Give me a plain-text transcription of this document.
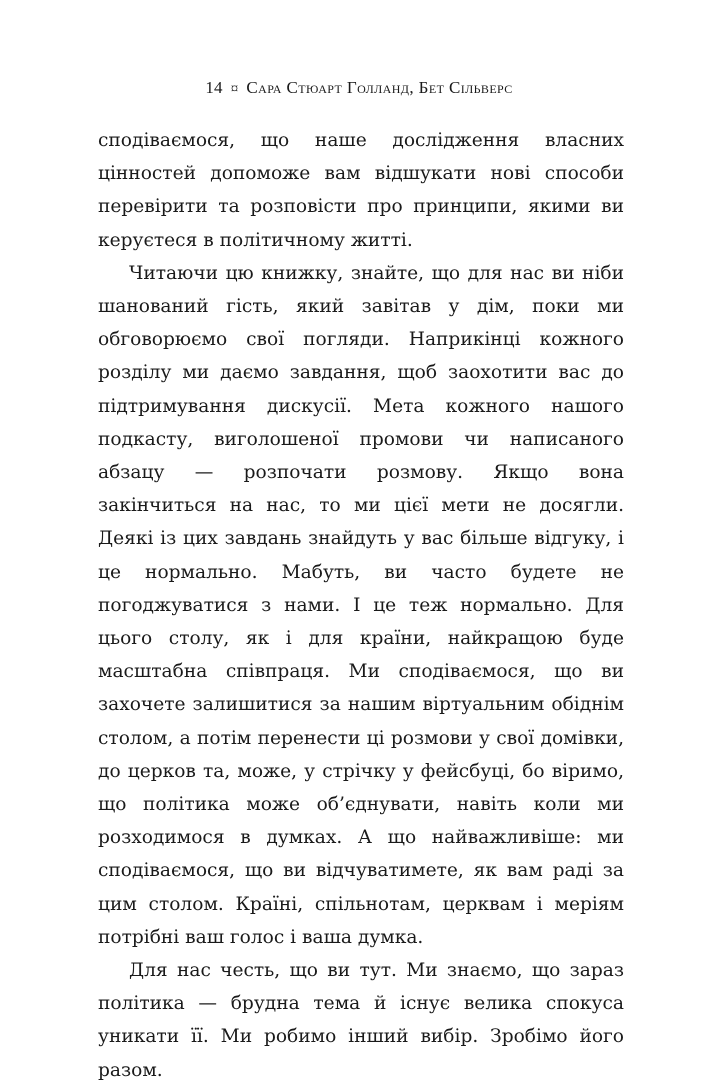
14 ¤ Сара Стюарт Голланд, Бет Сільверс

сподіваємося, що наше дослідження власних цінностей допоможе вам відшукати нові способи перевірити та розповісти про принципи, якими ви керуєтеся в політичному житті.

Читаючи цю книжку, знайте, що для нас ви ніби шанований гість, який завітав у дім, поки ми обговорюємо свої погляди. Наприкінці кожного розділу ми даємо завдання, щоб заохотити вас до підтримування дискусії. Мета кожного нашого подкасту, виголошеної промови чи написаного абзацу — розпочати розмову. Якщо вона закінчиться на нас, то ми цієї мети не досягли. Деякі із цих завдань знайдуть у вас більше відгуку, і це нормально. Мабуть, ви часто будете не погоджуватися з нами. І це теж нормально. Для цього столу, як і для країни, найкращою буде масштабна співпраця. Ми сподіваємося, що ви захочете залишитися за нашим віртуальним обіднім столом, а потім перенести ці розмови у свої домівки, до церков та, може, у стрічку у фейсбуці, бо віримо, що політика може об’єднувати, навіть коли ми розходимося в думках. А що найважливіше: ми сподіваємося, що ви відчуватимете, як вам раді за цим столом. Країні, спільнотам, церквам і меріям потрібні ваш голос і ваша думка.

Для нас честь, що ви тут. Ми знаємо, що зараз політика — брудна тема й існує велика спокуса уникати її. Ми робимо інший вибір. Зробімо його разом.
